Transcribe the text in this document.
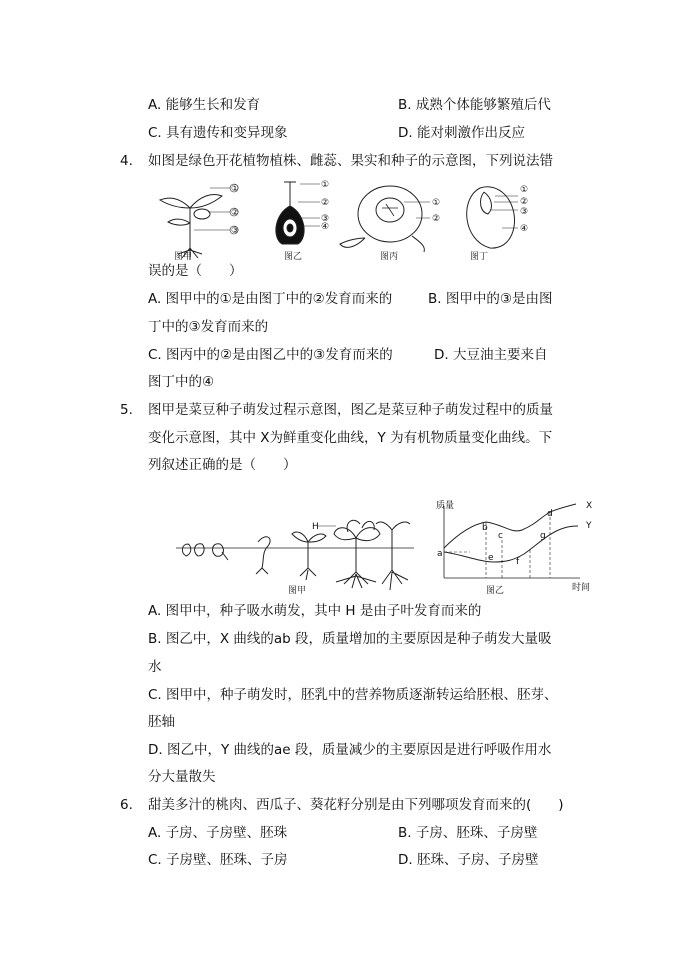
A. 能够生长和发育	B. 成熟个体能够繁殖后代
C. 具有遗传和变异现象	D. 能对刺激作出反应
4. 如图是绿色开花植物植株、雌蕊、果实和种子的示意图，下列说法错
①
②
③
①
②
③
④
①
②
①
②
③
④
图甲	图乙	图丙	图丁
误的是（　　）
A. 图甲中的①是由图丁中的②发育而来的	B. 图甲中的③是由图
丁中的③发育而来的
C. 图丙中的②是由图乙中的③发育而来的	D. 大豆油主要来自
图丁中的④
5. 图甲是菜豆种子萌发过程示意图，图乙是菜豆种子萌发过程中的质量
变化示意图，其中 X为鲜重变化曲线，Y 为有机物质量变化曲线。下
列叙述正确的是（　　）
H
图甲
质量
时间
X
Y
a
b
c
d
e f
g
图乙
A. 图甲中，种子吸水萌发，其中 H 是由子叶发育而来的
B. 图乙中，X 曲线的ab 段，质量增加的主要原因是种子萌发大量吸
水
C. 图甲中，种子萌发时，胚乳中的营养物质逐渐转运给胚根、胚芽、
胚轴
D. 图乙中，Y 曲线的ae 段，质量减少的主要原因是进行呼吸作用水
分大量散失
6. 甜美多汁的桃肉、西瓜子、葵花籽分别是由下列哪项发育而来的(　　)
A. 子房、子房壁、胚珠	B. 子房、胚珠、子房壁
C. 子房壁、胚珠、子房	D. 胚珠、子房、子房壁
